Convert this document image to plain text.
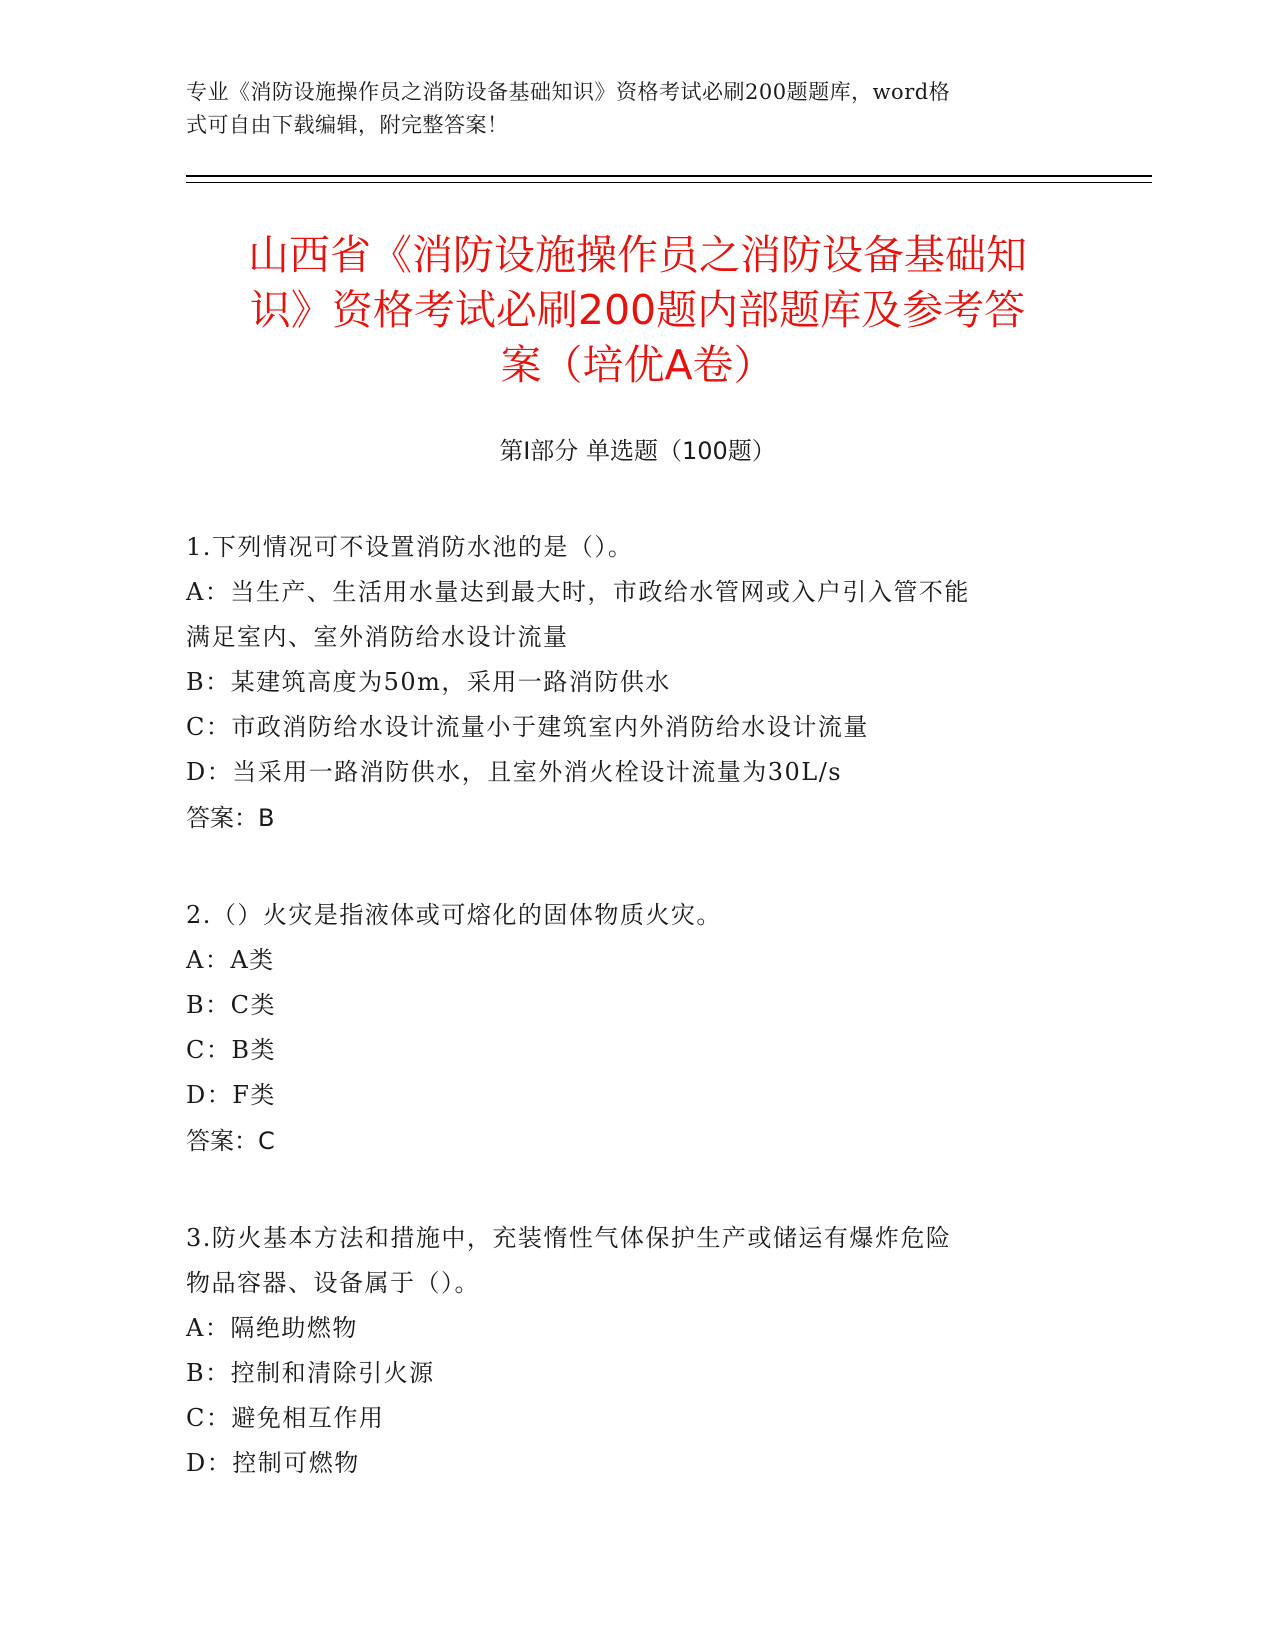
专业《消防设施操作员之消防设备基础知识》资格考试必刷200题题库，word格
式可自由下载编辑，附完整答案！
山西省《消防设施操作员之消防设备基础知
识》资格考试必刷200题内部题库及参考答
案（培优A卷）
第Ⅰ部分 单选题（100题）

1.下列情况可不设置消防水池的是（）。

A：当生产、生活用水量达到最大时，市政给水管网或入户引入管不能

满足室内、室外消防给水设计流量

B：某建筑高度为50m，采用一路消防供水

C：市政消防给水设计流量小于建筑室内外消防给水设计流量

D：当采用一路消防供水，且室外消火栓设计流量为30L/s

答案：B

2.（）火灾是指液体或可熔化的固体物质火灾。

A：A类

B：C类

C：B类

D：F类

答案：C

3.防火基本方法和措施中，充装惰性气体保护生产或储运有爆炸危险

物品容器、设备属于（）。

A：隔绝助燃物

B：控制和清除引火源

C：避免相互作用

D：控制可燃物
